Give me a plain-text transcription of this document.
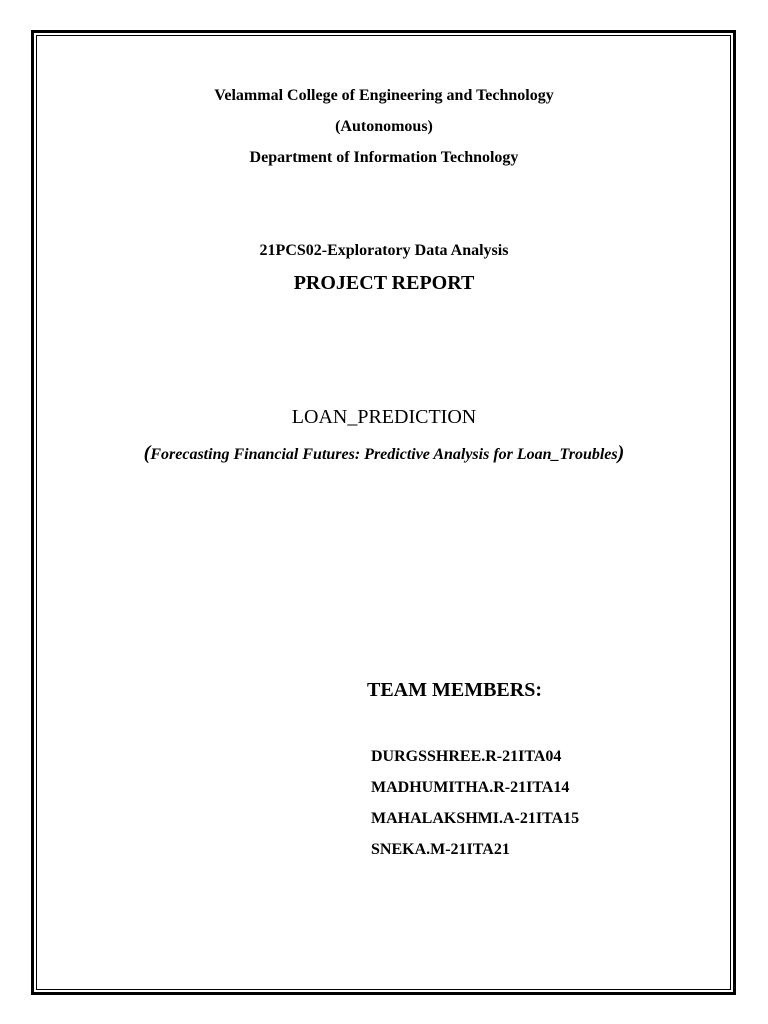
Velammal College of Engineering and Technology
(Autonomous)
Department of Information Technology
21PCS02-Exploratory Data Analysis
PROJECT REPORT
LOAN_PREDICTION
(Forecasting Financial Futures: Predictive Analysis for Loan_Troubles)
TEAM MEMBERS:
DURGSSHREE.R-21ITA04
MADHUMITHA.R-21ITA14
MAHALAKSHMI.A-21ITA15
SNEKA.M-21ITA21
